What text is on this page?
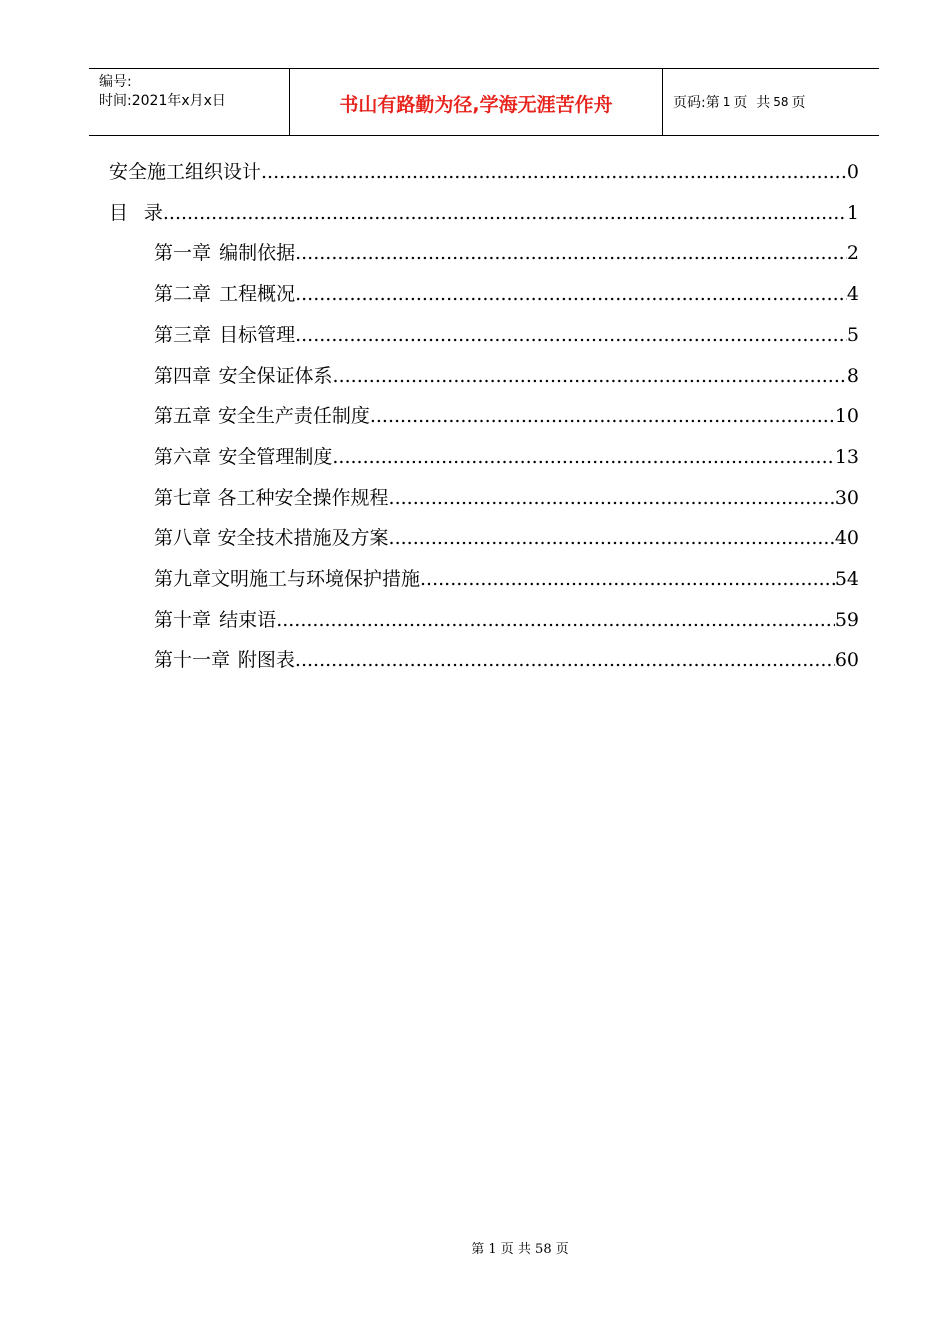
编号:
时间:2021年x月x日	书山有路勤为径,学海无涯苦作舟	页码:第 1 页  共 58 页
安全施工组织设计 .....	0
目 录 .....	1
第一章 编制依据 .....	2
第二章 工程概况 .....	4
第三章 目标管理 .....	5
第四章 安全保证体系 .....	8
第五章 安全生产责任制度 .....	10
第六章 安全管理制度 .....	13
第七章 各工种安全操作规程 .....	30
第八章 安全技术措施及方案 .....	40
第九章文明施工与环境保护措施 .....	54
第十章 结束语 .....	59
第十一章 附图表 .....	60
第 1 页 共 58 页
